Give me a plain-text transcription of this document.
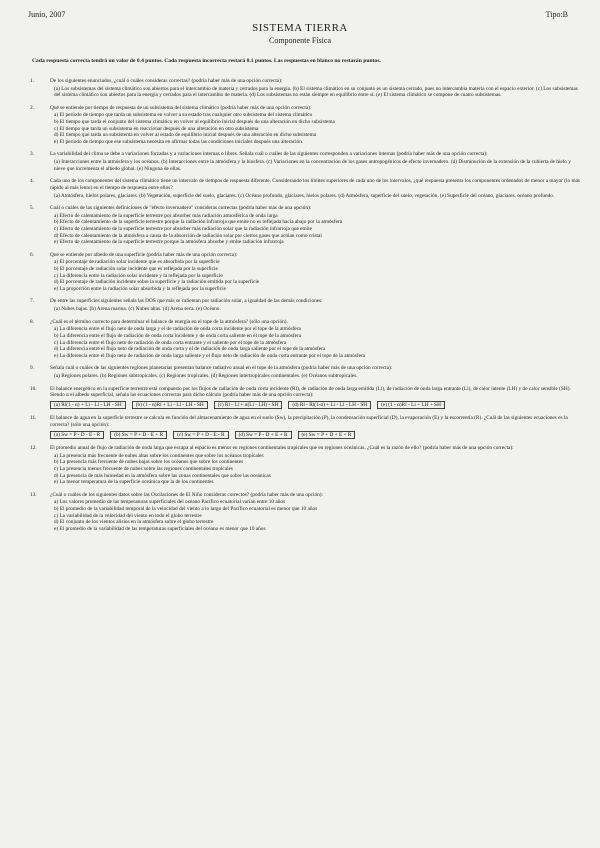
Junio, 2007	Tipo:B
SISTEMA TIERRA
Componente Física
Cada respuesta correcta tendrá un valor de 0.4 puntos. Cada respuesta incorrecta restará 0.1 puntos. Las respuestas en blanco no restarán puntos.
1.	De los siguientes enunciados, ¿cuál o cuáles consideras correctas? (podría haber más de una opción correcta):
(a) Los subsistemas del sistema climático son abiertos para el intercambio de materia y cerrados para la energía. (b) El sistema climático en su conjunto es un sistema cerrado, pues no intercambia materia con el espacio exterior. (c) Los subsistemas del sistema climático son abiertos para la energía y cerrados para el intercambio de materia. (d) Los subsistemas no están siempre en equilibrio entre sí. (e) El sistema climático se compone de cuatro subsistemas.
2.	Qué se entiende por tiempo de respuesta de un subsistema del sistema climático (podría haber más de una opción correcta):
a) El período de tiempo que tarda un subsistema en volver a su estado tras cualquier otro subsistema del sistema climático
b) El tiempo que tarda el conjunto del sistema climático en volver al equilibrio inicial después de una alteración en dicho subsistema
c) El tiempo que tarda un subsistema en reaccionar después de una alteración en otro subsistema
d) El tiempo que tarda un subsistema en volver al estado de equilibrio inicial después de una alteración en dicho subsistema
e) El período de tiempo que ese subsistema necesita en afirmar todas las condiciones iniciales después una alteración.
3.	La variabilidad del clima se debe a variaciones forzadas y a variaciones internas o libres. Señala cuál o cuáles de las siguientes corresponden a variaciones internas (podría haber más de una opción correcta):
(a) Interacciones entre la atmósfera y los océanos. (b) Interacciones entre la atmósfera y la biosfera. (c) Variaciones en la concentración de los gases antropogénicos de efecto invernadero. (d) Disminución de la extensión de la cubierta de hielo y nieve que incrementa el albedo global. (e) Ninguna de ellas.
4.	Cada uno de los componentes del sistema climático tiene un intervalo de tiempos de respuesta diferente. Considerando los límites superiores de cada uno de los intervalos, ¿qué respuesta presenta los componentes ordenados de menor a mayor (lo más rápido al más lento) en el tiempo de respuesta entre ellos?
(a) Atmósfera, hielos polares, glaciares. (b) Vegetación, superficie del suelo, glaciares. (c) Océano profundo, glaciares, hielos polares. (d) Atmósfera, superficie del suelo, vegetación. (e) Superficie del océano, glaciares, océano profundo.
5.	Cuál o cuáles de las siguientes definiciones de "efecto invernadero" consideras correctas (podría haber más de una opción):
a) Efecto de calentamiento de la superficie terrestre por absorber más radiación atmosférica de onda larga
b) Efecto de calentamiento de la superficie terrestre porque la radiación infrarroja que emite no es reflejada hacia abajo por la atmósfera
c) Efecto de calentamiento de la superficie terrestre por absorber más radiación solar que la radiación infrarroja que emite
d) Efecto de calentamiento de la atmósfera a causa de la absorción de radiación solar por ciertos gases que actúan como cristal
e) Efecto de calentamiento de la superficie terrestre porque la atmósfera absorbe y emite radiación infrarroja
6.	Qué se entiende por albedo de una superficie (podría haber más de una opción correcta):
a) El porcentaje de radiación solar incidente que es absorbida por la superficie
b) El porcentaje de radiación solar incidente que es reflejada por la superficie
c) La diferencia entre la radiación solar incidente y la reflejada por la superficie
d) El porcentaje de radiación incidente sobre la superficie y la radiación emitida por la superficie
e) La proporción entre la radiación solar absorbida y la reflejada por la superficie
7.	De entre las superficies siguientes señala las DOS que más se calientan por radiación solar, a igualdad de las demás condiciones:
(a) Nubes bajas. (b) Arena marina. (c) Nubes altas. (d) Arena seca. (e) Océano.
8.	¿Cuál es el término correcto para determinar el balance de energía en el tope de la atmósfera? (sólo una opción).
a) La diferencia entre el flujo neto de onda larga y el de radiación de onda corta incidente por el tope de la atmósfera
b) La diferencia entre el flujo de radiación de onda corta incidente y de onda corta saliente en el tope de la atmósfera
c) La diferencia entre el flujo neto de radiación de onda corta entrante y el saliente por el tope de la atmósfera
d) La diferencia entre el flujo neto de radiación de onda corta y el de radiación de onda larga saliente por el tope de la atmósfera
e) La diferencia entre el flujo neto de radiación de onda larga saliente y el flujo neto de radiación de onda corta entrante por el tope de la atmósfera
9.	Señala cuál o cuáles de las siguientes regiones planetarias presentan balance radiativo anual en el tope de la atmósfera (podría haber más de una opción correcta):
(a) Regiones polares. (b) Regiones subtropicales. (c) Regiones tropicales. (d) Regiones intertropicales continentales. (e) Océanos subtropicales.
10.	El balance energético en la superficie terrestre está compuesto por los flujos de radiación de onda corta incidente (Rl), de radiación de onda larga emitida (Ll), de radiación de onda larga entrante (Li), de calor latente (LH) y de calor sensible (SH). Siendo α el albedo superficial, señala las ecuaciones correctas para dicho cálculo (podría haber más de una opción correcta):
(a) Rl(1 - α) + Li - Ll - LH - SH	(b) (1 - α)Rl + Li - Ll - LH - SH	(c) Rl - Ll + α(Li - LH) - SH	(d) Rl - Rl(1-α) + Li - Ll - LH - SH	(e) (1 - α)Rl - Li + LH + SH
11.	El balance de agua en la superficie terrestre se calcula en función del almacenamiento de agua en el suelo (Sw), la precipitación (P), la condensación superficial (D), la evaporación (E) y la escorrentía (R). ¿Cuál de las siguientes ecuaciones es la correcta? (sólo una opción):
(a) Sw = P - D - E - R	(b) Sw = P + D - E + R	(c) Sw = P + D - E - R	(d) Sw = P - D + E + R	(e) Sw = P + D + E + R
12.	El promedio anual de flujo de radiación de onda larga que escapa al espacio es menor en regiones continentales tropicales que en regiones oceánicas. ¿Cuál es la razón de ello? (podría haber más de una opción correcta):
a) La presencia más frecuente de nubes altas sobre los continentes que sobre los océanos tropicales
b) La presencia más frecuente de nubes bajas sobre los océanos que sobre los continentes
c) La presencia menos frecuente de nubes sobre las regiones continentales tropicales
d) La presencia de más humedad en la atmósfera sobre las zonas continentales que sobre las oceánicas
e) La menor temperatura de la superficie oceánica que la de los continentes
13.	¿Cuál o cuáles de los siguientes datos sobre las Oscilaciones de El Niño consideras correctos? (podría haber más de una opción):
a) Los valores promedio de las temperaturas superficiales del océano Pacífico ecuatorial varían entre 10 años
b) El promedio de la variabilidad temporal de la velocidad del viento a lo largo del Pacífico ecuatorial es menor que 10 años
c) La variabilidad de la velocidad del viento en todo el globo terrestre
d) El conjunto de los vientos alisios en la atmósfera sobre el globo terrestre
e) El promedio de la variabilidad de las temperaturas superficiales del océano es menor que 10 años
